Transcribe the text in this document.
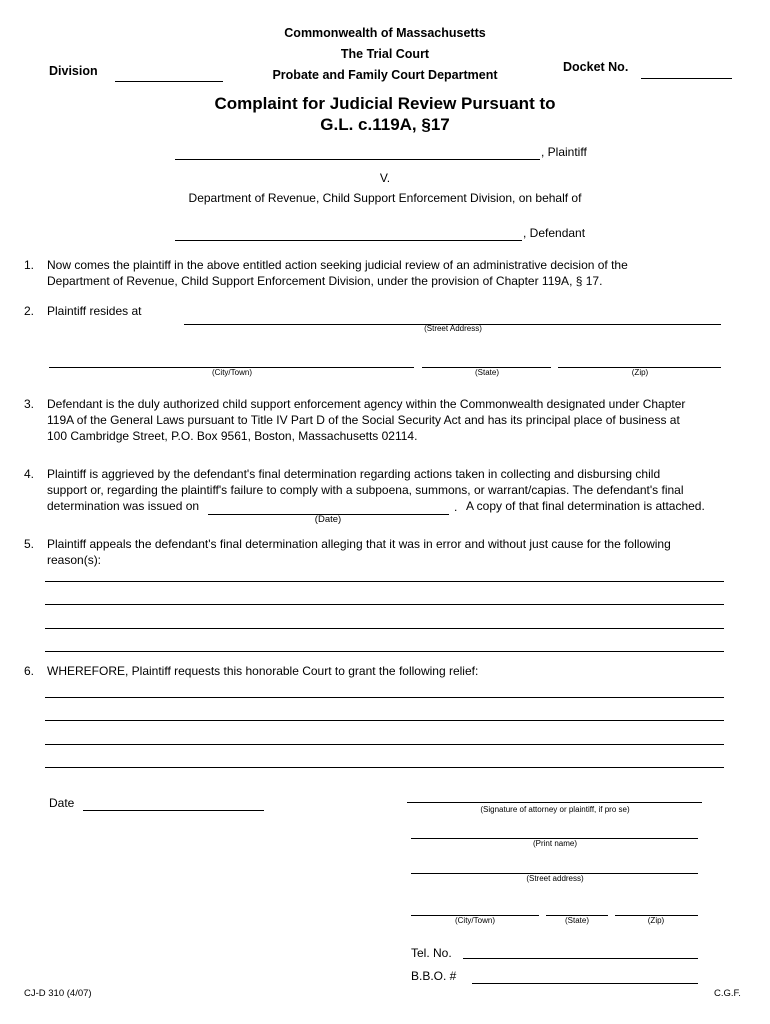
Commonwealth of Massachusetts
The Trial Court
Probate and Family Court Department
Division	Docket No.
Complaint for Judicial Review Pursuant to
G.L. c.119A, §17
, Plaintiff
V.
Department of Revenue, Child Support Enforcement Division, on behalf of
, Defendant
1. Now comes the plaintiff in the above entitled action seeking judicial review of an administrative decision of the
Department of Revenue, Child Support Enforcement Division, under the provision of Chapter 119A, § 17.
2. Plaintiff resides at
(Street Address)
(City/Town)	(State)	(Zip)
3. Defendant is the duly authorized child support enforcement agency within the Commonwealth designated under Chapter
119A of the General Laws pursuant to Title IV Part D of the Social Security Act and has its principal place of business at
100 Cambridge Street, P.O. Box 9561, Boston, Massachusetts 02114.
4. Plaintiff is aggrieved by the defendant's final determination regarding actions taken in collecting and disbursing child
support or, regarding the plaintiff's failure to comply with a subpoena, summons, or warrant/capias. The defendant's final
determination was issued on	. A copy of that final determination is attached.
(Date)
5. Plaintiff appeals the defendant's final determination alleging that it was in error and without just cause for the following
reason(s):
6. WHEREFORE, Plaintiff requests this honorable Court to grant the following relief:
Date	(Signature of attorney or plaintiff, if pro se)
(Print name)
(Street address)
(City/Town)	(State)	(Zip)
Tel. No.
B.B.O. #
CJ-D 310 (4/07)	C.G.F.
